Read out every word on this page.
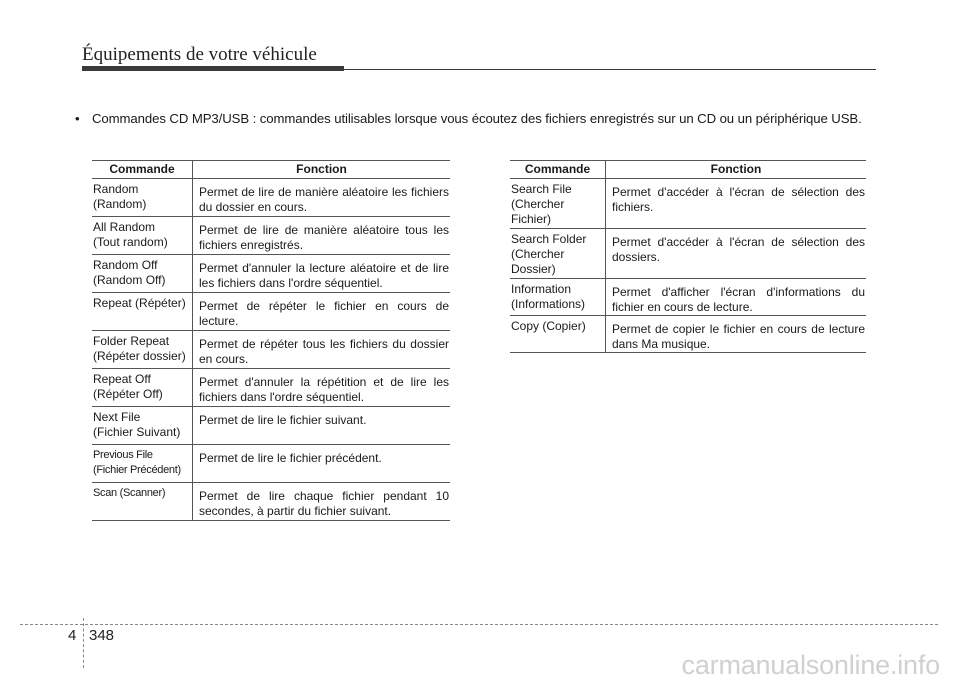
Équipements de votre véhicule
• Commandes CD MP3/USB : commandes utilisables lorsque vous écoutez des fichiers enregistrés sur un CD ou un périphérique USB.
Commande	Fonction

Random
(Random)	Permet de lire de manière aléatoire les fichiers du dossier en cours.

All Random
(Tout random)	Permet de lire de manière aléatoire tous les fichiers enregistrés.

Random Off
(Random Off)	Permet d'annuler la lecture aléatoire et de lire les fichiers dans l'ordre séquentiel.

Repeat (Répéter)	Permet de répéter le fichier en cours de lecture.

Folder Repeat
(Répéter dossier)	Permet de répéter tous les fichiers du dossier en cours.

Repeat Off
(Répéter Off)	Permet d'annuler la répétition et de lire les fichiers dans l'ordre séquentiel.

Next File
(Fichier Suivant)	Permet de lire le fichier suivant.

Previous File
(Fichier Précédent)	Permet de lire le fichier précédent.

Scan (Scanner)	Permet de lire chaque fichier pendant 10 secondes, à partir du fichier suivant.
Commande	Fonction

Search File
(Chercher
Fichier)	Permet d'accéder à l'écran de sélection des fichiers.

Search Folder
(Chercher
Dossier)	Permet d'accéder à l'écran de sélection des dossiers.

Information
(Informations)	Permet d'afficher l'écran d'informations du fichier en cours de lecture.

Copy (Copier)	Permet de copier le fichier en cours de lecture dans Ma musique.
4 348
carmanualsonline.info
